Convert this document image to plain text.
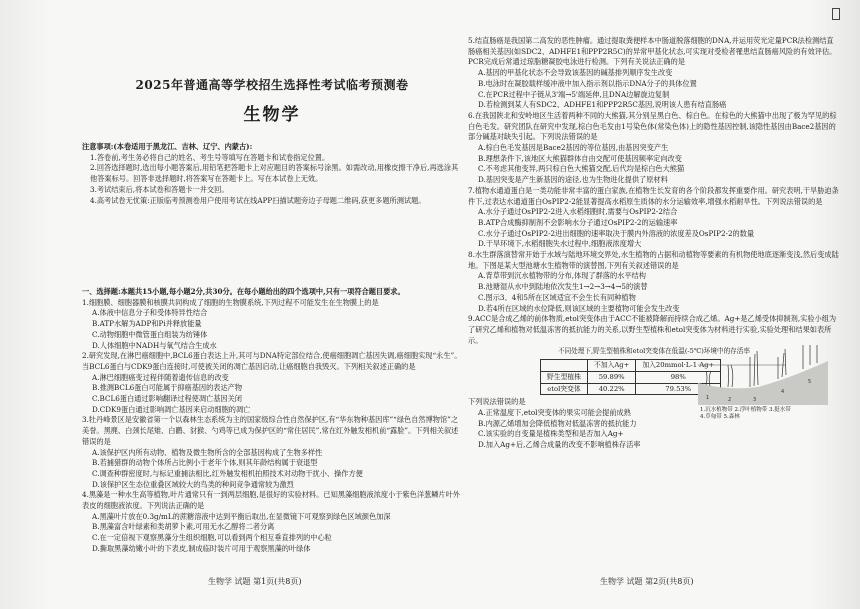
2025年普通高等学校招生选择性考试临考预测卷
生物学

注意事项:(本卷适用于黑龙江、吉林、辽宁、内蒙古):

1.答卷前,考生务必将自己的姓名、考生号等填写在答题卡和试卷指定位置。

2.回答选择题时,选出每小题答案后,用铅笔把答题卡上对应题目的答案标号涂黑。如需改动,用橡皮擦干净后,再选涂其他答案标号。回答非选择题时,将答案写在答题卡上。写在本试卷上无效。

3.考试结束后,将本试卷和答题卡一并交回。

4.高考试卷无忧策:正版临考预测卷用户使用考试在线APP扫描试题旁边子母题二维码,获更多题所测试题。

一、选择题:本题共15小题,每小题2分,共30分。在每小题给出的四个选项中,只有一项符合题目要求。

1.细胞膜、细胞器膜和核膜共同构成了细胞的生物膜系统,下列过程不可能发生在生物膜上的是

A.体液中信息分子和受体特异性结合

B.ATP水解为ADP和Pi并释放能量

C.动物细胞中微管蛋白组装为纺锤体

D.人体细胞中NADH与氧气结合生成水

2.研究发现,在淋巴癌细胞中,BCL6蛋白表达上升,其可与DNA特定部位结合,使癌细胞凋亡基因失调,癌细胞实现“永生”。当BCL6蛋白与CDK9蛋白连接时,可使被关闭的凋亡基因启动,让癌细胞自我毁灭。下列相关叙述正确的是

A.淋巴细胞癌变过程伴随着遗传信息的改变

B.推测BCL6蛋白可能属于抑癌基因的表达产物

C.BCL6蛋白通过影响翻译过程使凋亡基因关闭

D.CDK9蛋白通过影响凋亡基因来启动细胞的凋亡

3.牡丹峰景区是安徽省第一个以森林生态系统为主的国家级综合性自然保护区,有“华东物种基因库”“绿色自然博物馆”之美誉。黑麂、白颈长尾雉、白鹳、豺猴、勺鸡等已成为保护区的“常住居民”,常在红外触发相机前“露脸”。下列相关叙述错误的是

A.该保护区内所有动物、植物及微生物所含的全部基因构成了生物多样性

B.若捕猎群的动物个体所占比例小于老年个体,则其年龄结构属于衰退型

C.调查种群密度时,与标记重捕法相比,红外触发相机拍照技术对动物干扰小、操作方便

D.该保护区生态位重叠区域较大的鸟类的种间竞争通常较为激烈

4.黑藻是一种水生高等植物,叶片通常只有一到两层细胞,是很好的实验材料。已知黑藻细胞液浓度小于紫色洋葱鳞片叶外表皮的细胞液浓度。下列说法正确的是

A.黑藻叶片放在0.3g/mL的蔗糖溶液中达到平衡后取出,在显微镜下可观察到绿色区域颜色加深

B.黑藻富含叶绿素和类胡萝卜素,可用无水乙醇将二者分离

C.在一定倍视下观察黑藻分生组织细胞,可以看到两个相互垂直排列的中心粒

D.撕取黑藻幼嫩小叶的下表皮,制成临时装片可用于观察黑藻的叶绿体

5.结直肠癌是我国第二高发的恶性肿瘤。通过提取粪便样本中肠道脱落细胞的DNA,并运用荧光定量PCR法检测结直肠癌相关基因(如SDC2、ADHFE1和PPP2R5C)的异常甲基化状态,可实现对受检者罹患结直肠癌风险的有效评估。PCR完成后常通过琼脂糖凝胶电泳进行检测。下列有关说法正确的是

A.基因的甲基化状态不会导致该基因的碱基排列顺序发生改变

B.电泳时在凝胶载样缓冲液中加入指示剂以指示DNA分子的具体位置

C.在PCR过程中子链从3'端→5'端延伸,且DNA边解旋边复制

D.若检测到某人有SDC2、ADHFE1和PPP2R5C基因,说明该人患有结直肠癌

6.在我国陕北和安岭地区生活着两种不同的大熊猫,其分别呈黑白色、棕白色。在棕色的大熊猫中出现了极为罕见的棕白色毛发。研究团队在研究中发现,棕白色毛发由1号染色体(常染色体)上的隐性基因控制,该隐性基因由Bace2基因的部分碱基对缺失引起。下列说法错误的是

A.棕白色毛发基因是Bace2基因的等位基因,由基因突变产生

B.理想条件下,该地区大熊猫群体自由交配可使基因频率定向改变

C.不考虑其他变异,两只棕白色大熊猫交配,后代均是棕白色大熊猫

D.基因突变是产生新基因的途径,也为生物进化提供了原材料

7.植物水通道蛋白是一类功能非常丰富的蛋白家族,在植物生长发育的各个阶段都发挥重要作用。研究表明,干旱胁迫条件下,过表达水通道蛋白OsPIP2-2能显著提高水稻原生质体的水分运输效率,增强水稻耐旱性。下列说法错误的是

A.水分子通过OsPIP2-2进入水稻细胞时,需要与OsPIP2-2结合

B.ATP合成酶抑制剂不会影响水分子通过OsPIP2-2的运输速率

C.水分子通过OsPIP2-2进出细胞的速率取决于膜内外溶液的浓度差及OsPIP2-2的数量

D.干旱环境下,水稻细胞失水过程中,细胞液浓度增大

8.水生群落演替常开始于水域与陆地环境交界处,水生植物的占据和动植物等要素的有机物使地底逐渐变浅,然后变成陆地。下图是某大型池塘水生植物带的演替图,下列有关叙述错误的是

A.背草带到沉水植物带的分布,体现了群落的水平结构

B.池塘湿从水中到陆地依次发生1→2→3→4→5的演替

C.图示3、4和5所在区域适宜不会生长有同种植物

D.若4所在区域的水位降低,则该区域的主要植物可能会发生改变

9.ACC是合成乙烯的前体物质,etol突变体由于ACC不能被降解而持续合成乙烯。Ag+是乙烯受体抑制剂,实验小组为了研究乙烯和植物对低温冻害的抵抗能力的关系,以野生型植株和etol突变体为材料进行实验,实验处理和结果如表所示。

不同处理下,野生型植株和etol突变体在低温(-5℃)环境中的存活率

	不加入Ag+	加入20mmol·L-1 Ag+
野生型植株	59.89%	98%
etol突变体	40.22%	79.53%

下列说法错误的是

A.正常温度下,etol突变体的果实可能会提前成熟

B.内源乙烯增加会降低植物对低温冻害的抵抗能力

C.该实验的自变量是植株类型和是否加入Ag+

D.加入Ag+后,乙烯合成量的改变不影响植株存活率

1	2	3
4
5
1.沉水植物带 2.浮叶植物带 3.挺水带
4.草甸带 5.森林
生物学 试题 第1页(共8页)	生物学 试题 第2页(共8页)
